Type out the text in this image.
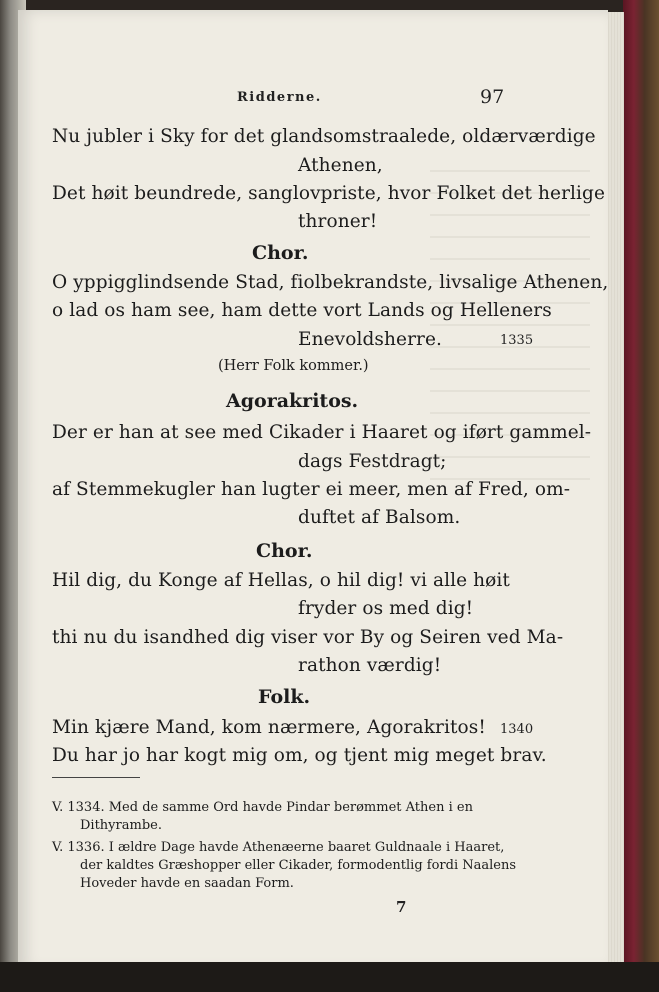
Ridderne.	97
Nu jubler i Sky for det glandsomstraalede, oldærværdige
Athenen,
Det høit beundrede, sanglovpriste, hvor Folket det herlige
throner!
Chor.
O yppigglindsende Stad, fiolbekrandste, livsalige Athenen,
o lad os ham see, ham dette vort Lands og Helleners
Enevoldsherre.	1335
(Herr Folk kommer.)
Agorakritos.
Der er han at see med Cikader i Haaret og iført gammel-
dags Festdragt;
af Stemmekugler han lugter ei meer, men af Fred, om-
duftet af Balsom.
Chor.
Hil dig, du Konge af Hellas, o hil dig! vi alle høit
fryder os med dig!
thi nu du isandhed dig viser vor By og Seiren ved Ma-
rathon værdig!
Folk.
Min kjære Mand, kom nærmere, Agorakritos! 1340
Du har jo har kogt mig om, og tjent mig meget brav.
V. 1334. Med de samme Ord havde Pindar berømmet Athen i en
Dithyrambe.
V. 1336. I ældre Dage havde Athenæerne baaret Guldnaale i Haaret,
der kaldtes Græshopper eller Cikader, formodentlig fordi Naalens
Hoveder havde en saadan Form.
7
